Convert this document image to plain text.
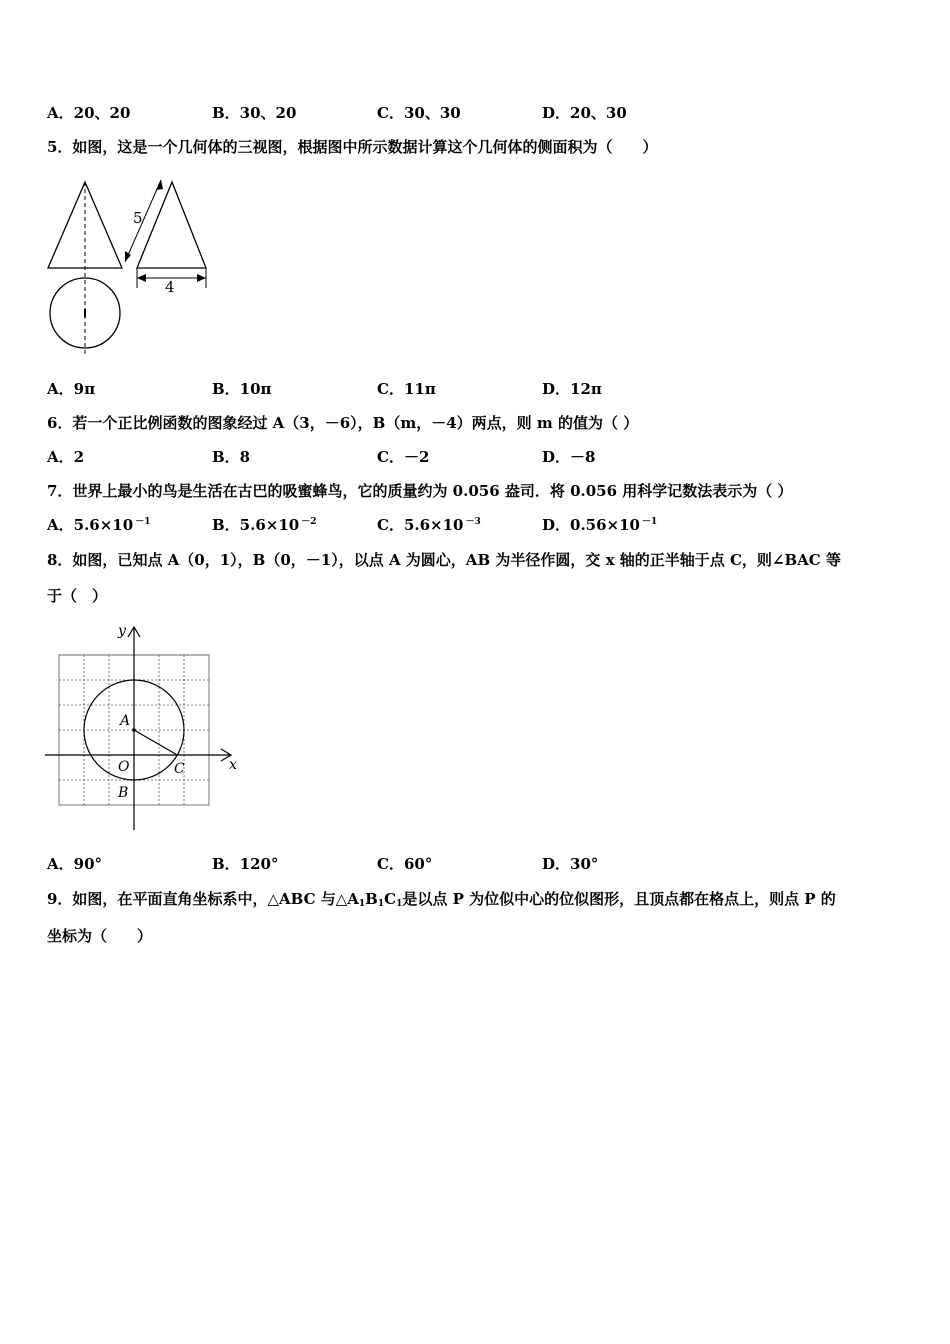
A．20、20	B．30、20	C．30、30	D．20、30
5．如图，这是一个几何体的三视图，根据图中所示数据计算这个几何体的侧面积为（　　）
5
4
A．9π	B．10π	C．11π	D．12π
6．若一个正比例函数的图象经过 A（3，－6），B（m，－4）两点，则 m 的值为（ ）
A．2	B．8	C．－2	D．－8
7．世界上最小的鸟是生活在古巴的吸蜜蜂鸟，它的质量约为 0.056 盎司．将 0.056 用科学记数法表示为（ ）
A．5.6×10 $^{-1}$	B．5.6×10 $^{-2}$	C．5.6×10 $^{-3}$	D．0.56×10 $^{-1}$
8．如图，已知点 A（0，1），B（0，－1），以点 A 为圆心，AB 为半径作圆，交 x 轴的正半轴于点 C，则∠BAC 等
于（　）
y
x
A
O	C
B
A．90°	B．120°	C．60°	D．30°
9．如图，在平面直角坐标系中，△ABC 与$\triangle A_1B_1C_1$是以点 P 为位似中心的位似图形，且顶点都在格点上，则点 P 的
坐标为（　　）
